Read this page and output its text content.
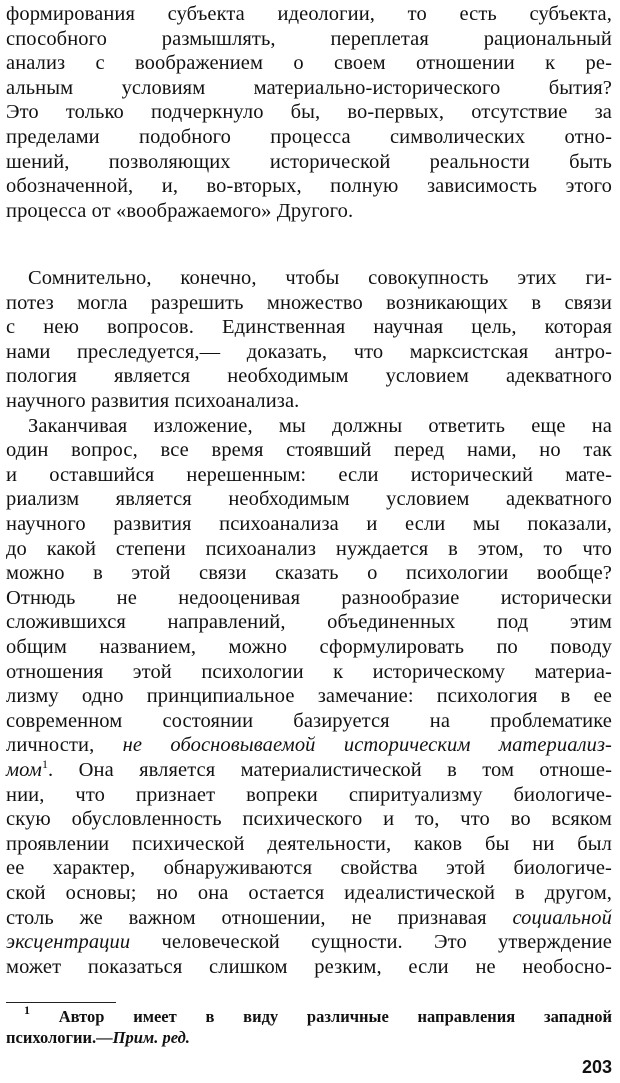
формирования субъекта идеологии, то есть субъекта,
способного размышлять, переплетая рациональный
анализ с воображением о своем отношении к ре-
альным условиям материально-исторического бытия?
Это только подчеркнуло бы, во-первых, отсутствие за
пределами подобного процесса символических отно-
шений, позволяющих исторической реальности быть
обозначенной, и, во-вторых, полную зависимость этого
процесса от «воображаемого» Другого.
Сомнительно, конечно, чтобы совокупность этих ги-
потез могла разрешить множество возникающих в связи
с нею вопросов. Единственная научная цель, которая
нами преследуется,— доказать, что марксистская антро-
пология является необходимым условием адекватного
научного развития психоанализа.
Заканчивая изложение, мы должны ответить еще на
один вопрос, все время стоявший перед нами, но так
и оставшийся нерешенным: если исторический мате-
риализм является необходимым условием адекватного
научного развития психоанализа и если мы показали,
до какой степени психоанализ нуждается в этом, то что
можно в этой связи сказать о психологии вообще?
Отнюдь не недооценивая разнообразие исторически
сложившихся направлений, объединенных под этим
общим названием, можно сформулировать по поводу
отношения этой психологии к историческому материа-
лизму одно принципиальное замечание: психология в ее
современном состоянии базируется на проблематике
личности, не обосновываемой историческим материализ-
мом$^1$. Она является материалистической в том отноше-
нии, что признает вопреки спиритуализму биологиче-
скую обусловленность психического и то, что во всяком
проявлении психической деятельности, каков бы ни был
ее характер, обнаруживаются свойства этой биологиче-
ской основы; но она остается идеалистической в другом,
столь же важном отношении, не признавая социальной
эксцентрации человеческой сущности. Это утверждение
может показаться слишком резким, если не необосно-
$^1$ Автор имеет в виду различные направления западной
психологии.—Прим. ред.
203
